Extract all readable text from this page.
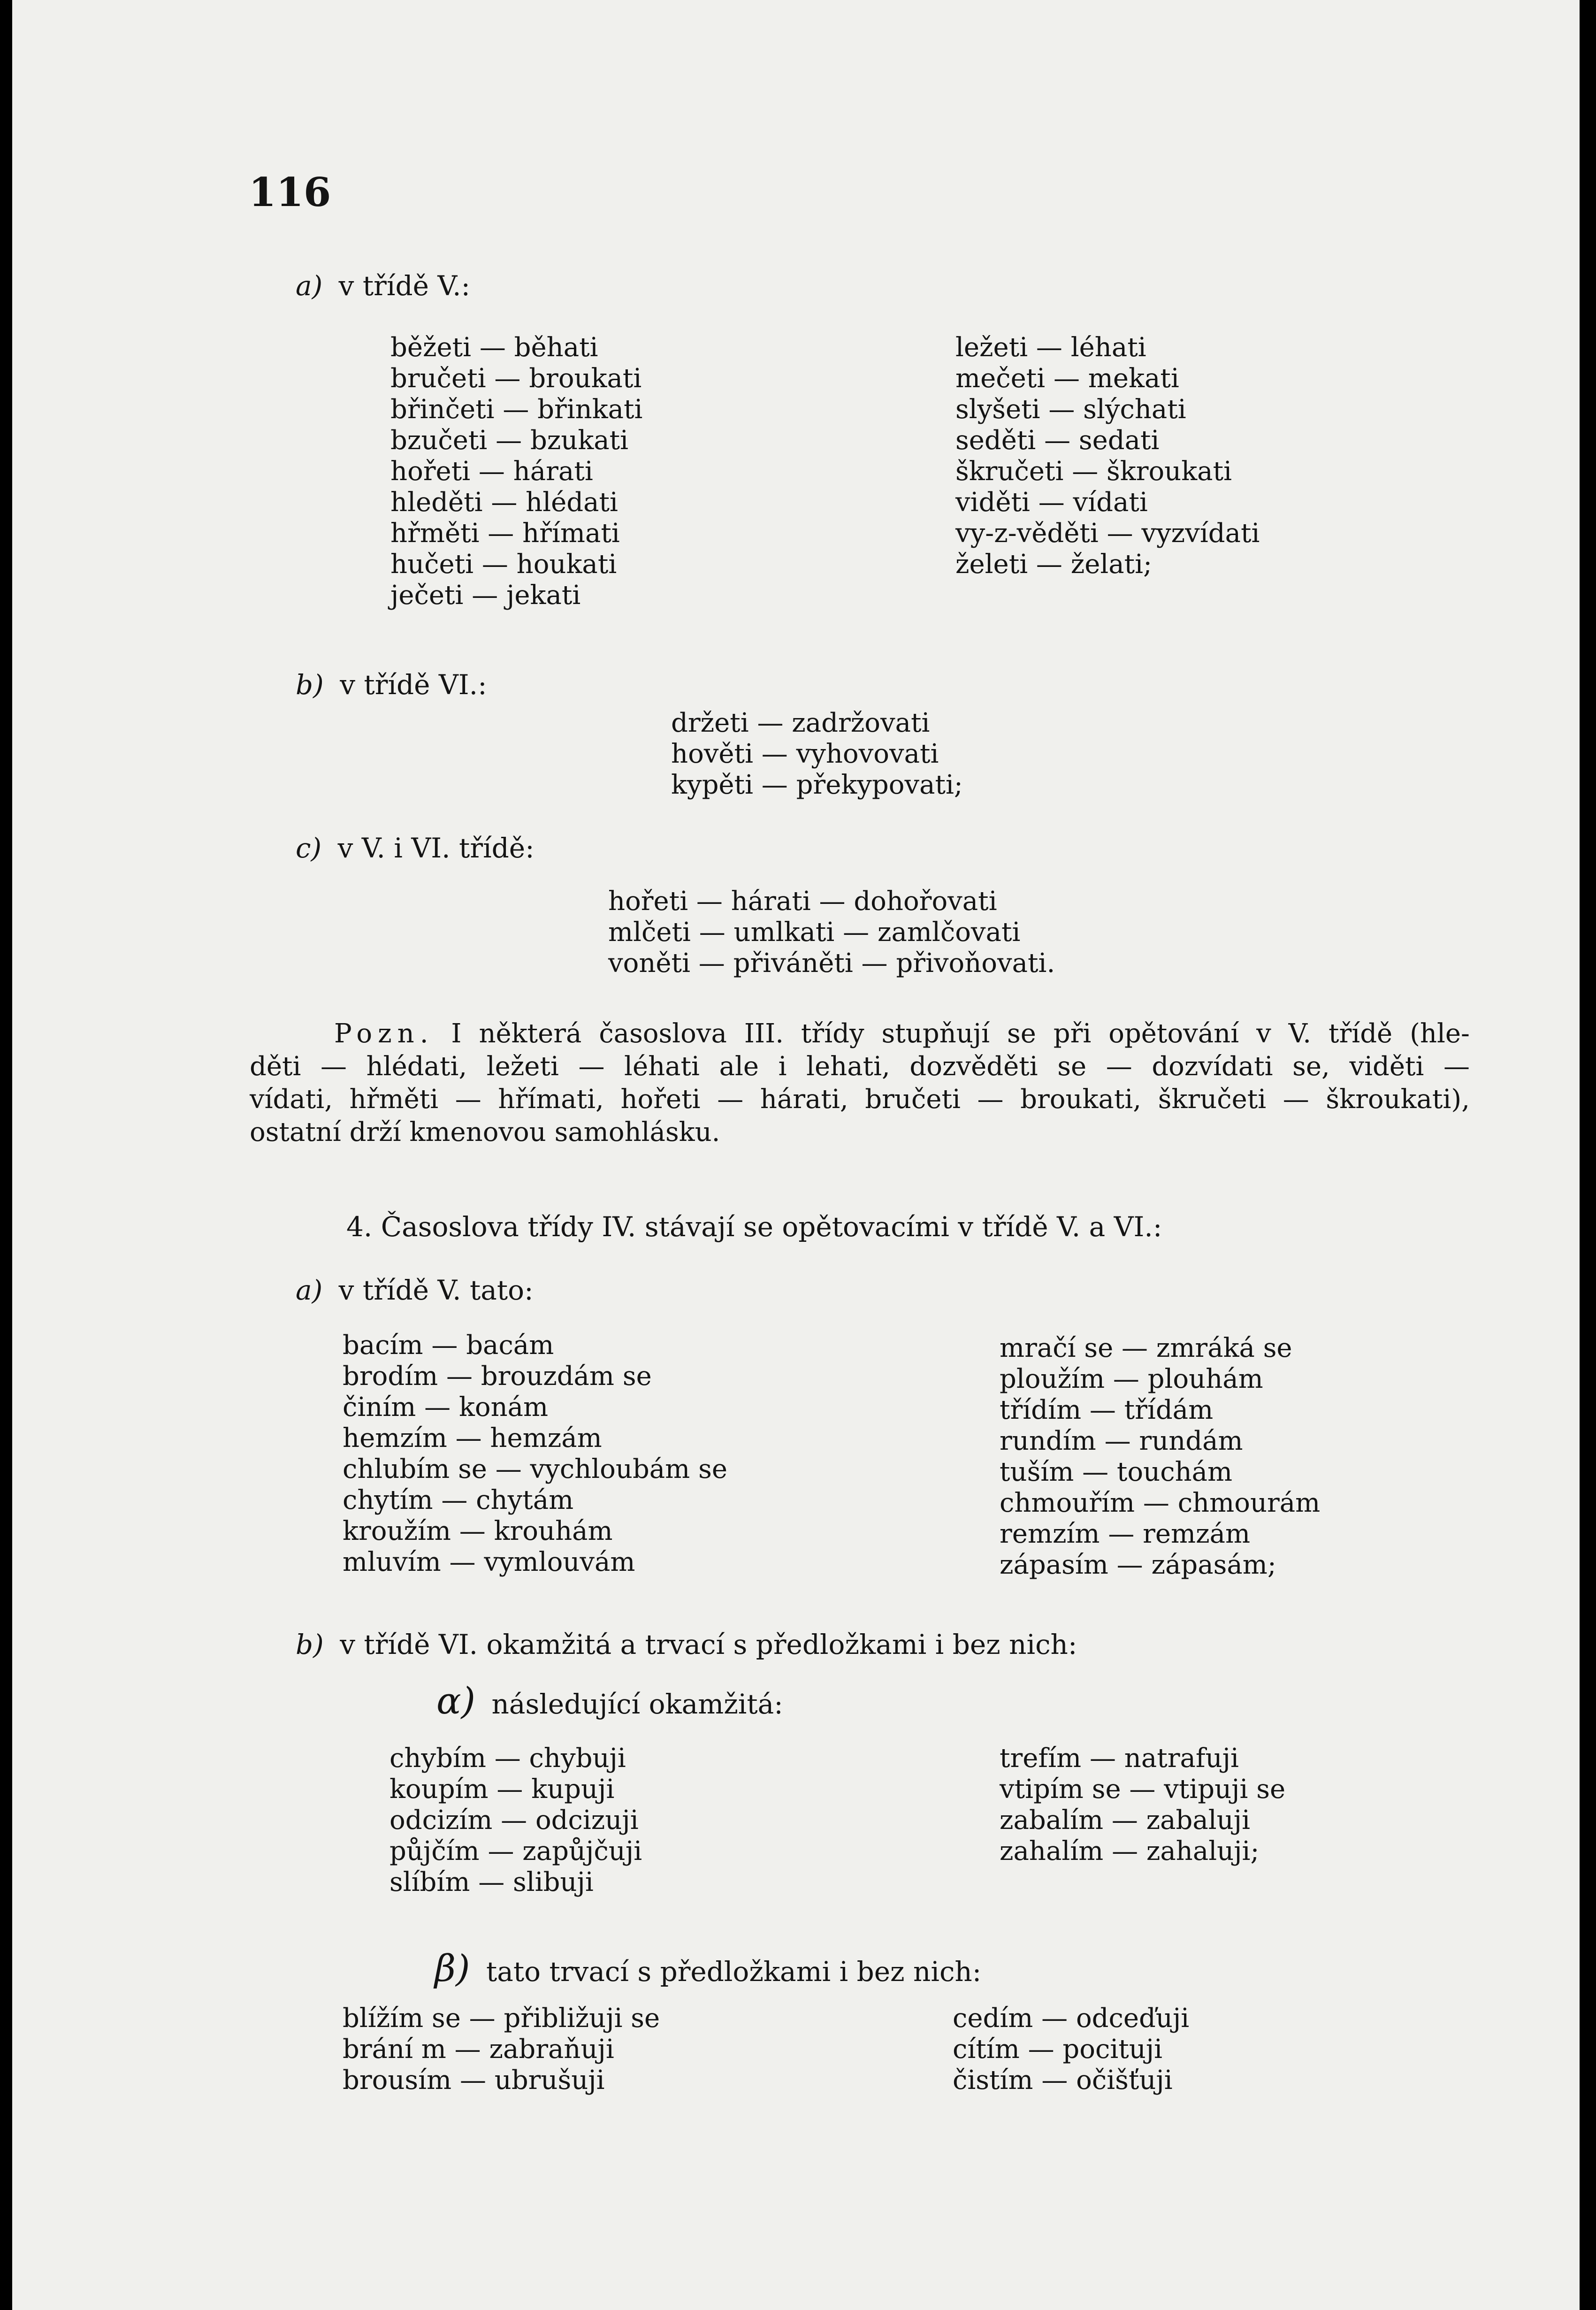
116
a) v třídě V.:
běžeti — běhati
bručeti — broukati
břinčeti — břinkati
bzučeti — bzukati
hořeti — hárati
hleděti — hlédati
hřměti — hřímati
hučeti — houkati
ječeti — jekati
ležeti — léhati
mečeti — mekati
slyšeti — slýchati
seděti — sedati
škručeti — škroukati
viděti — vídati
vy-z-věděti — vyzvídati
želeti — želati;
b) v třídě VI.:
držeti — zadržovati
hověti — vyhovovati
kypěti — překypovati;
c) v V. i VI. třídě:
hořeti — hárati — dohořovati
mlčeti — umlkati — zamlčovati
voněti — přiváněti — přivoňovati.
Pozn. I některá časoslova III. třídy stupňují se při opětování v V. třídě (hle-
děti — hlédati, ležeti — léhati ale i lehati, dozvěděti se — dozvídati se, viděti —
vídati, hřměti — hřímati, hořeti — hárati, bručeti — broukati, škručeti — škroukati),
ostatní drží kmenovou samohlásku.
4. Časoslova třídy IV. stávají se opětovacími v třídě V. a VI.:
a) v třídě V. tato:
bacím — bacám
brodím — brouzdám se
činím — konám
hemzím — hemzám
chlubím se — vychloubám se
chytím — chytám
kroužím — krouhám
mluvím — vymlouvám
mračí se — zmráká se
ploužím — plouhám
třídím — třídám
rundím — rundám
tuším — touchám
chmouřím — chmourám
remzím — remzám
zápasím — zápasám;
b) v třídě VI. okamžitá a trvací s předložkami i bez nich:
α) následující okamžitá:
chybím — chybuji
koupím — kupuji
odcizím — odcizuji
půjčím — zapůjčuji
slíbím — slibuji
trefím — natrafuji
vtipím se — vtipuji se
zabalím — zabaluji
zahalím — zahaluji;
β) tato trvací s předložkami i bez nich:
blížím se — přibližuji se
brání m — zabraňuji
brousím — ubrušuji
cedím — odceďuji
cítím — pocituji
čistím — očišťuji
